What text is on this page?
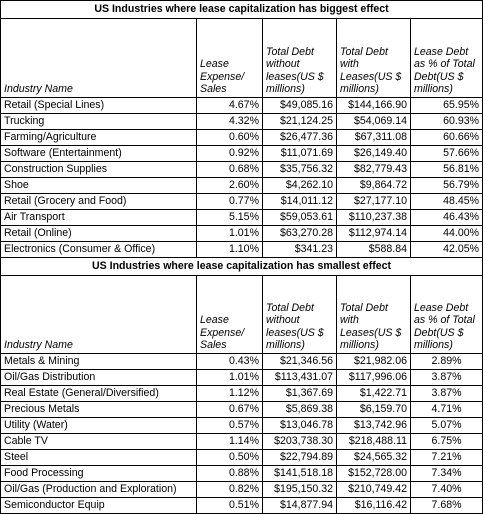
US Industries where lease capitalization has biggest effect				
Industry Name	Lease Expense/ Sales	Total Debt without leases(US $ millions)	Total Debt with Leases(US $ millions)	Lease Debt as % of Total Debt(US $ millions)
Retail (Special Lines)	4.67%	$49,085.16	$144,166.90	65.95%
Trucking	4.32%	$21,124.25	$54,069.14	60.93%
Farming/Agriculture	0.60%	$26,477.36	$67,311.08	60.66%
Software (Entertainment)	0.92%	$11,071.69	$26,149.40	57.66%
Construction Supplies	0.68%	$35,756.32	$82,779.43	56.81%
Shoe	2.60%	$4,262.10	$9,864.72	56.79%
Retail (Grocery and Food)	0.77%	$14,011.12	$27,177.10	48.45%
Air Transport	5.15%	$59,053.61	$110,237.38	46.43%
Retail (Online)	1.01%	$63,270.28	$112,974.14	44.00%
Electronics (Consumer & Office)	1.10%	$341.23	$588.84	42.05%
US Industries where lease capitalization has smallest effect				
Industry Name	Lease Expense/ Sales	Total Debt without leases(US $ millions)	Total Debt with Leases(US $ millions)	Lease Debt as % of Total Debt(US $ millions)
Metals & Mining	0.43%	$21,346.56	$21,982.06	2.89%
Oil/Gas Distribution	1.01%	$113,431.07	$117,996.06	3.87%
Real Estate (General/Diversified)	1.12%	$1,367.69	$1,422.71	3.87%
Precious Metals	0.67%	$5,869.38	$6,159.70	4.71%
Utility (Water)	0.57%	$13,046.78	$13,742.96	5.07%
Cable TV	1.14%	$203,738.30	$218,488.11	6.75%
Steel	0.50%	$22,794.89	$24,565.32	7.21%
Food Processing	0.88%	$141,518.18	$152,728.00	7.34%
Oil/Gas (Production and Exploration)	0.82%	$195,150.32	$210,749.42	7.40%
Semiconductor Equip	0.51%	$14,877.94	$16,116.42	7.68%
